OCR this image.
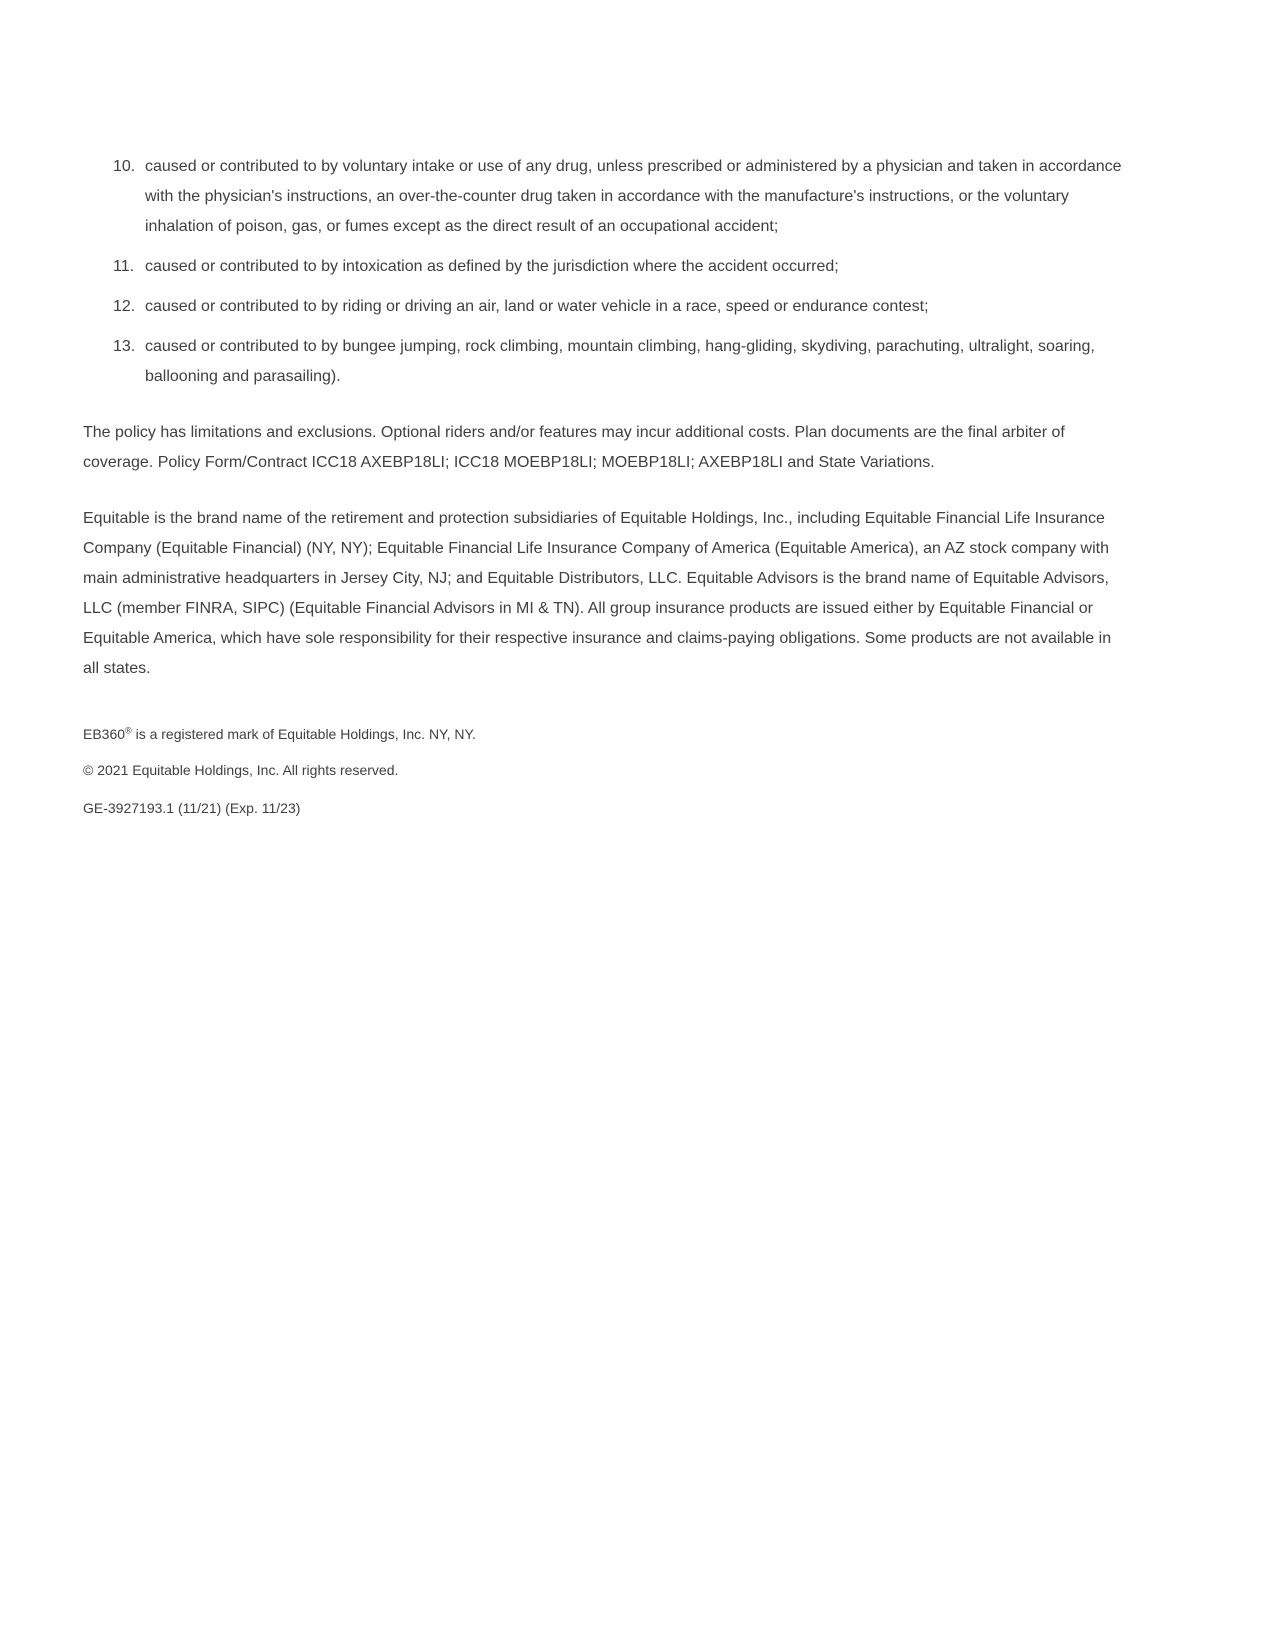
10. caused or contributed to by voluntary intake or use of any drug, unless prescribed or administered by a physician and taken in accordance with the physician's instructions, an over-the-counter drug taken in accordance with the manufacture's instructions, or the voluntary inhalation of poison, gas, or fumes except as the direct result of an occupational accident;
11. caused or contributed to by intoxication as defined by the jurisdiction where the accident occurred;
12. caused or contributed to by riding or driving an air, land or water vehicle in a race, speed or endurance contest;
13. caused or contributed to by bungee jumping, rock climbing, mountain climbing, hang-gliding, skydiving, parachuting, ultralight, soaring, ballooning and parasailing).

The policy has limitations and exclusions. Optional riders and/or features may incur additional costs. Plan documents are the final arbiter of coverage. Policy Form/Contract ICC18 AXEBP18LI; ICC18 MOEBP18LI; MOEBP18LI; AXEBP18LI and State Variations.

Equitable is the brand name of the retirement and protection subsidiaries of Equitable Holdings, Inc., including Equitable Financial Life Insurance Company (Equitable Financial) (NY, NY); Equitable Financial Life Insurance Company of America (Equitable America), an AZ stock company with main administrative headquarters in Jersey City, NJ; and Equitable Distributors, LLC. Equitable Advisors is the brand name of Equitable Advisors, LLC (member FINRA, SIPC) (Equitable Financial Advisors in MI & TN). All group insurance products are issued either by Equitable Financial or Equitable America, which have sole responsibility for their respective insurance and claims-paying obligations. Some products are not available in all states.

EB360® is a registered mark of Equitable Holdings, Inc. NY, NY.

© 2021 Equitable Holdings, Inc. All rights reserved.

GE-3927193.1 (11/21) (Exp. 11/23)
